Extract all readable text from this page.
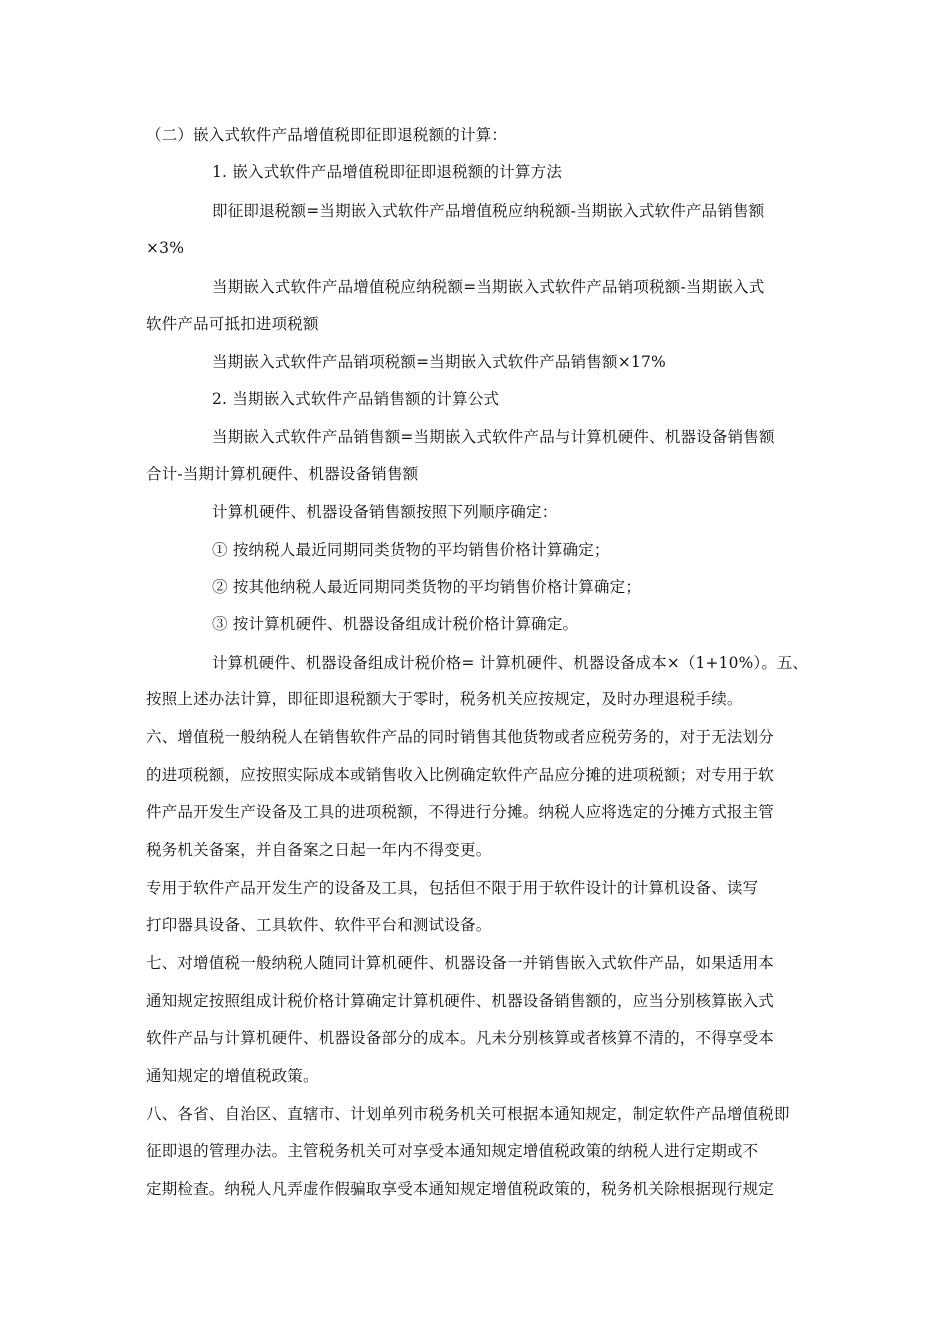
（二）嵌入式软件产品增值税即征即退税额的计算：
1. 嵌入式软件产品增值税即征即退税额的计算方法
即征即退税额=当期嵌入式软件产品增值税应纳税额-当期嵌入式软件产品销售额
×3%
当期嵌入式软件产品增值税应纳税额=当期嵌入式软件产品销项税额-当期嵌入式
软件产品可抵扣进项税额
当期嵌入式软件产品销项税额=当期嵌入式软件产品销售额×17%
2. 当期嵌入式软件产品销售额的计算公式
当期嵌入式软件产品销售额=当期嵌入式软件产品与计算机硬件、机器设备销售额
合计-当期计算机硬件、机器设备销售额
计算机硬件、机器设备销售额按照下列顺序确定：
① 按纳税人最近同期同类货物的平均销售价格计算确定；
② 按其他纳税人最近同期同类货物的平均销售价格计算确定；
③ 按计算机硬件、机器设备组成计税价格计算确定。
计算机硬件、机器设备组成计税价格= 计算机硬件、机器设备成本×（1+10%）。五、
按照上述办法计算，即征即退税额大于零时，税务机关应按规定，及时办理退税手续。
六、增值税一般纳税人在销售软件产品的同时销售其他货物或者应税劳务的，对于无法划分
的进项税额，应按照实际成本或销售收入比例确定软件产品应分摊的进项税额；对专用于软
件产品开发生产设备及工具的进项税额，不得进行分摊。纳税人应将选定的分摊方式报主管
税务机关备案，并自备案之日起一年内不得变更。
专用于软件产品开发生产的设备及工具，包括但不限于用于软件设计的计算机设备、读写
打印器具设备、工具软件、软件平台和测试设备。
七、对增值税一般纳税人随同计算机硬件、机器设备一并销售嵌入式软件产品，如果适用本
通知规定按照组成计税价格计算确定计算机硬件、机器设备销售额的，应当分别核算嵌入式
软件产品与计算机硬件、机器设备部分的成本。凡未分别核算或者核算不清的，不得享受本
通知规定的增值税政策。
八、各省、自治区、直辖市、计划单列市税务机关可根据本通知规定，制定软件产品增值税即
征即退的管理办法。主管税务机关可对享受本通知规定增值税政策的纳税人进行定期或不
定期检查。纳税人凡弄虚作假骗取享受本通知规定增值税政策的，税务机关除根据现行规定
